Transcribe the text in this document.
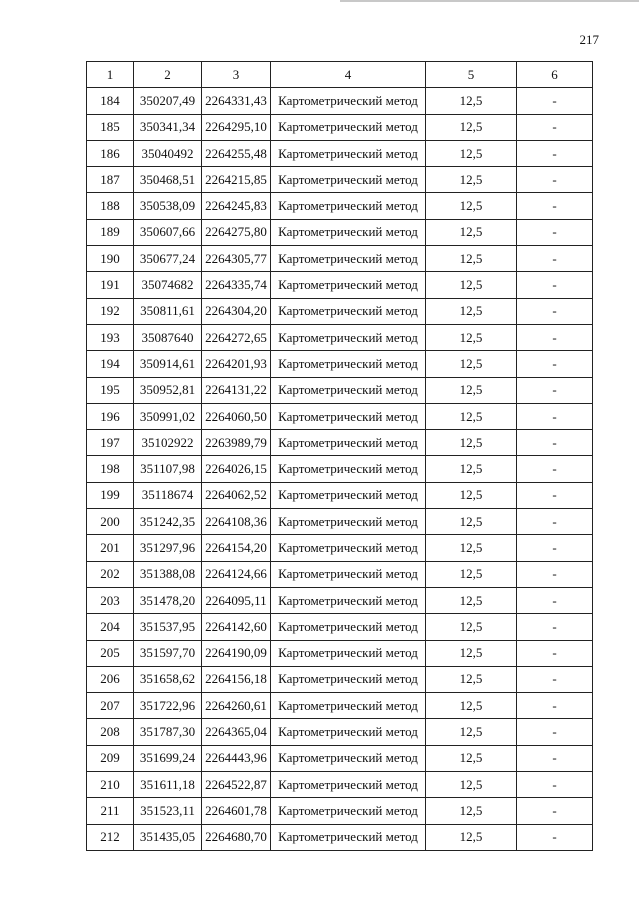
217
1	2	3	4	5	6
184	350207,49	2264331,43	Картометрический метод	12,5	-
185	350341,34	2264295,10	Картометрический метод	12,5	-
186	35040492	2264255,48	Картометрический метод	12,5	-
187	350468,51	2264215,85	Картометрический метод	12,5	-
188	350538,09	2264245,83	Картометрический метод	12,5	-
189	350607,66	2264275,80	Картометрический метод	12,5	-
190	350677,24	2264305,77	Картометрический метод	12,5	-
191	35074682	2264335,74	Картометрический метод	12,5	-
192	350811,61	2264304,20	Картометрический метод	12,5	-
193	35087640	2264272,65	Картометрический метод	12,5	-
194	350914,61	2264201,93	Картометрический метод	12,5	-
195	350952,81	2264131,22	Картометрический метод	12,5	-
196	350991,02	2264060,50	Картометрический метод	12,5	-
197	35102922	2263989,79	Картометрический метод	12,5	-
198	351107,98	2264026,15	Картометрический метод	12,5	-
199	35118674	2264062,52	Картометрический метод	12,5	-
200	351242,35	2264108,36	Картометрический метод	12,5	-
201	351297,96	2264154,20	Картометрический метод	12,5	-
202	351388,08	2264124,66	Картометрический метод	12,5	-
203	351478,20	2264095,11	Картометрический метод	12,5	-
204	351537,95	2264142,60	Картометрический метод	12,5	-
205	351597,70	2264190,09	Картометрический метод	12,5	-
206	351658,62	2264156,18	Картометрический метод	12,5	-
207	351722,96	2264260,61	Картометрический метод	12,5	-
208	351787,30	2264365,04	Картометрический метод	12,5	-
209	351699,24	2264443,96	Картометрический метод	12,5	-
210	351611,18	2264522,87	Картометрический метод	12,5	-
211	351523,11	2264601,78	Картометрический метод	12,5	-
212	351435,05	2264680,70	Картометрический метод	12,5	-
